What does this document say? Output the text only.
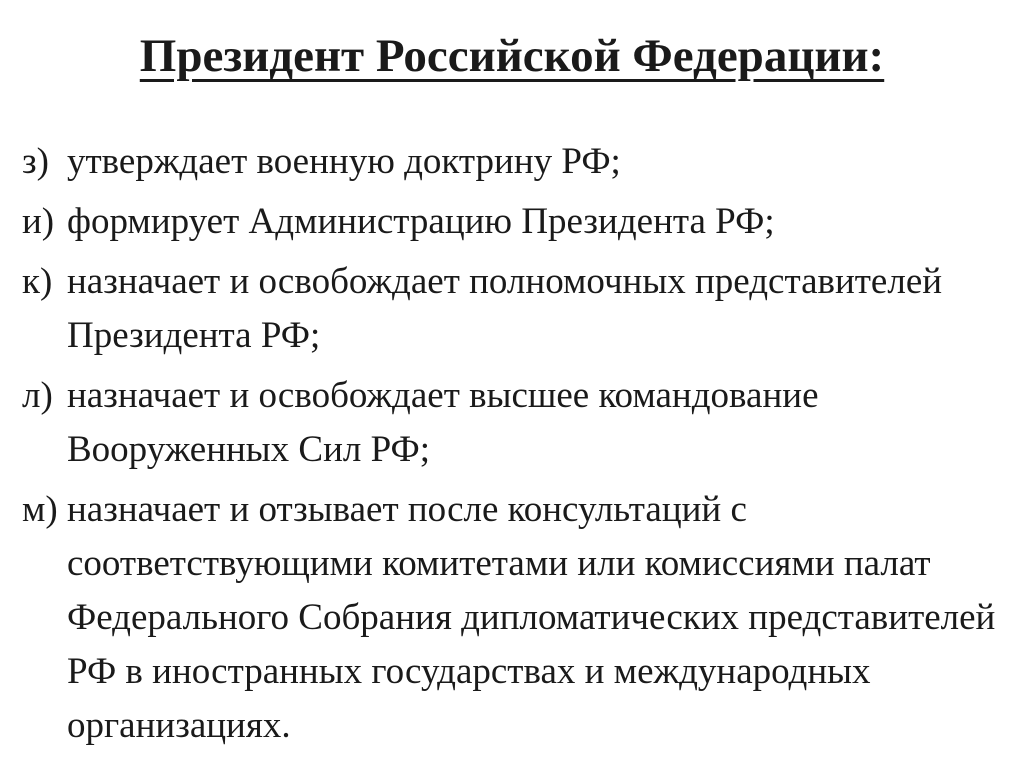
Президент Российской Федерации:
з) утверждает военную доктрину РФ;
и) формирует Администрацию Президента РФ;
к) назначает и освобождает полномочных представителей Президента РФ;
л) назначает и освобождает высшее командование Вооруженных Сил РФ;
м) назначает и отзывает после консультаций с соответствующими комитетами или комиссиями палат Федерального Собрания дипломатических представителей РФ в иностранных государствах и международных организациях.
